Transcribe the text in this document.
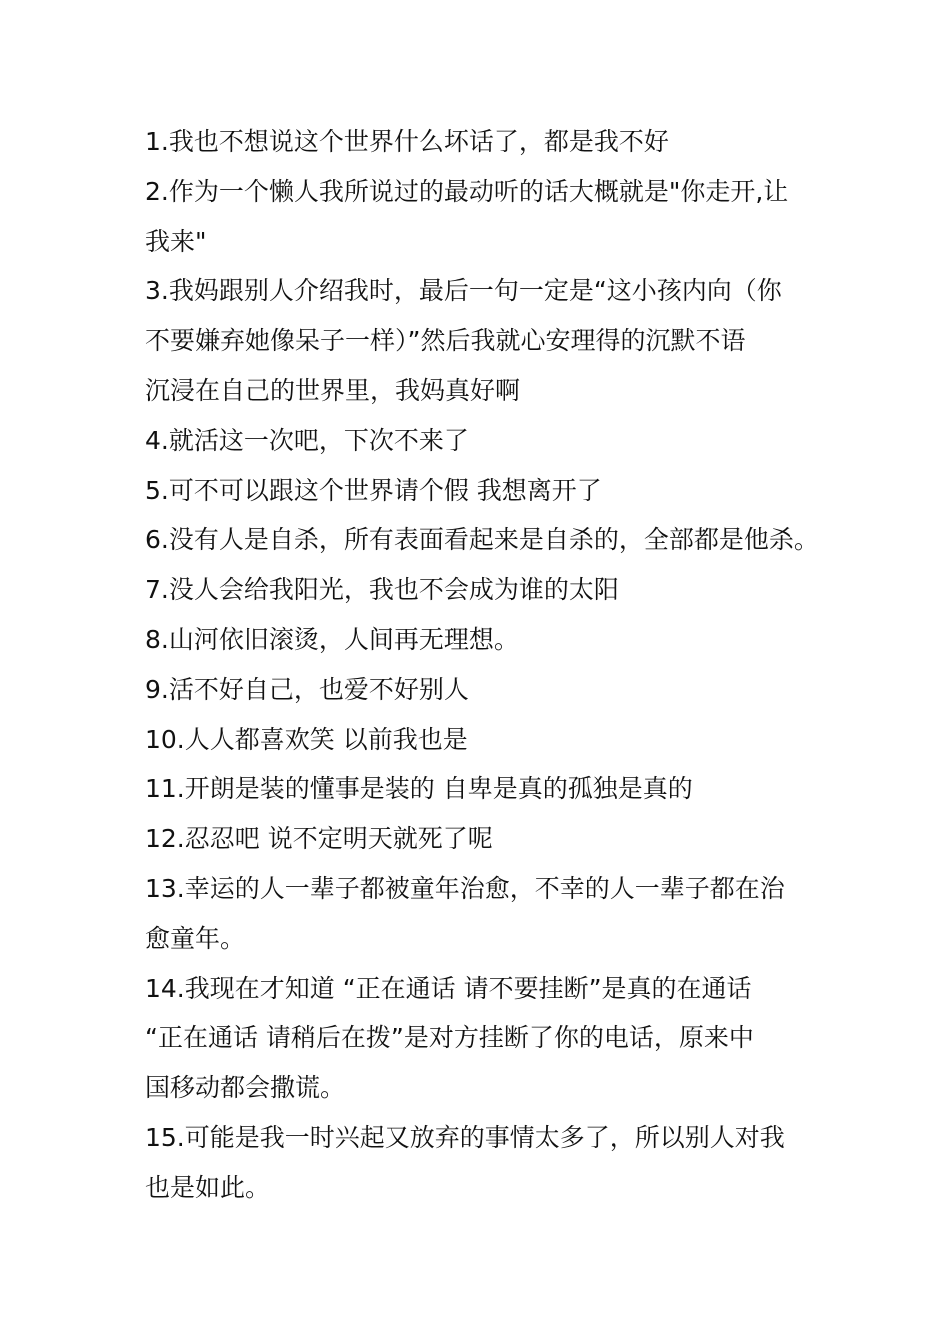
1.我也不想说这个世界什么坏话了，都是我不好

2.作为一个懒人我所说过的最动听的话大概就是"你走开,让
我来"

3.我妈跟别人介绍我时，最后一句一定是“这小孩内向（你
不要嫌弃她像呆子一样）”然后我就心安理得的沉默不语
沉浸在自己的世界里，我妈真好啊

4.就活这一次吧，下次不来了

5.可不可以跟这个世界请个假 我想离开了

6.没有人是自杀，所有表面看起来是自杀的，全部都是他杀。

7.没人会给我阳光，我也不会成为谁的太阳

8.山河依旧滚烫，人间再无理想。

9.活不好自己，也爱不好别人

10.人人都喜欢笑 以前我也是

11.开朗是装的懂事是装的 自卑是真的孤独是真的

12.忍忍吧 说不定明天就死了呢

13.幸运的人一辈子都被童年治愈，不幸的人一辈子都在治
愈童年。

14.我现在才知道 “正在通话 请不要挂断”是真的在通话
“正在通话 请稍后在拨”是对方挂断了你的电话，原来中
国移动都会撒谎。

15.可能是我一时兴起又放弃的事情太多了，所以别人对我
也是如此。
